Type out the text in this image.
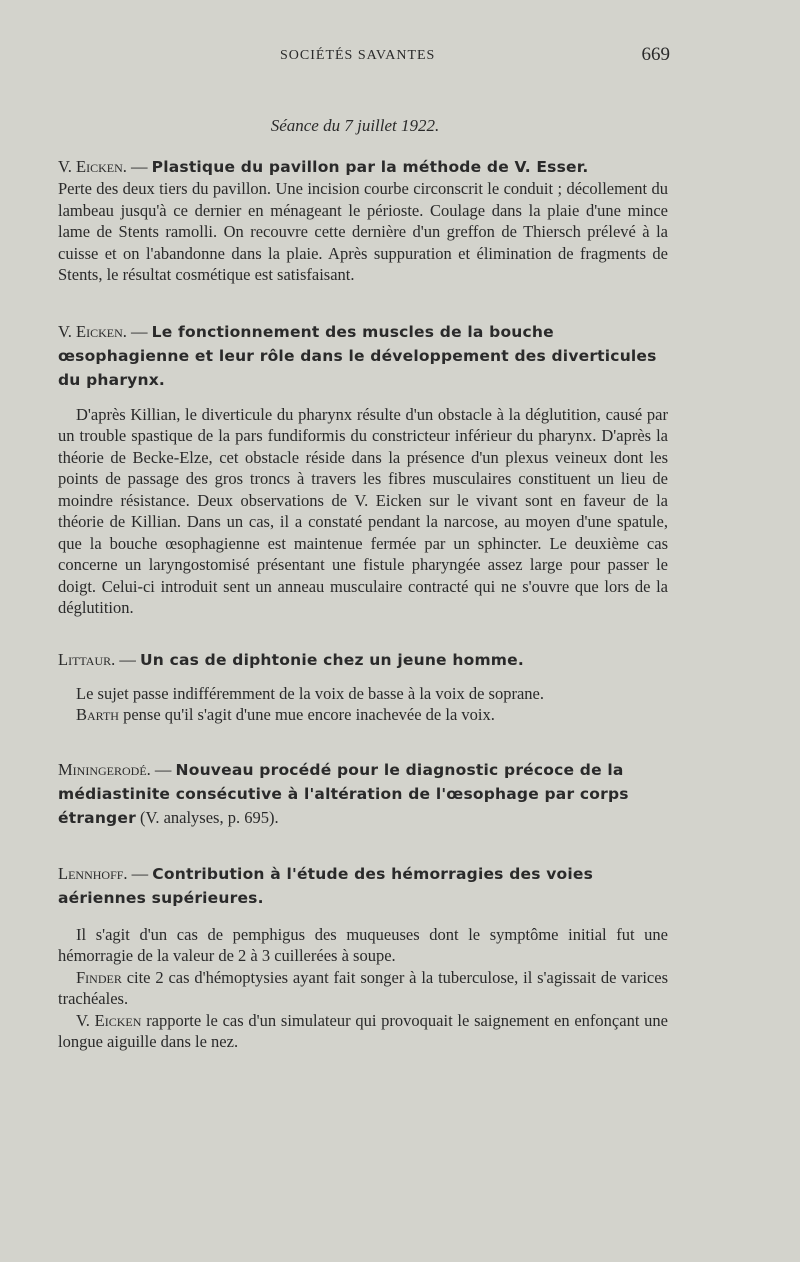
SOCIÉTÉS SAVANTES	669
Séance du 7 juillet 1922.
V. Eicken. — Plastique du pavillon par la méthode de V. Esser.

Perte des deux tiers du pavillon. Une incision courbe circonscrit le conduit ; décollement du lambeau jusqu'à ce dernier en ménageant le périoste. Coulage dans la plaie d'une mince lame de Stents ramolli. On recouvre cette dernière d'un greffon de Thiersch prélevé à la cuisse et on l'abandonne dans la plaie. Après suppuration et élimination de fragments de Stents, le résultat cosmétique est satisfaisant.

V. Eicken. — Le fonctionnement des muscles de la bouche œsophagienne et leur rôle dans le développement des diverticules du pharynx.

D'après Killian, le diverticule du pharynx résulte d'un obstacle à la déglutition, causé par un trouble spastique de la pars fundiformis du constricteur inférieur du pharynx. D'après la théorie de Becke-Elze, cet obstacle réside dans la présence d'un plexus veineux dont les points de passage des gros troncs à travers les fibres musculaires constituent un lieu de moindre résistance. Deux observations de V. Eicken sur le vivant sont en faveur de la théorie de Killian. Dans un cas, il a constaté pendant la narcose, au moyen d'une spatule, que la bouche œsophagienne est maintenue fermée par un sphincter. Le deuxième cas concerne un laryngostomisé présentant une fistule pharyngée assez large pour passer le doigt. Celui-ci introduit sent un anneau musculaire contracté qui ne s'ouvre que lors de la déglutition.

Littaur. — Un cas de diphtonie chez un jeune homme.

Le sujet passe indifféremment de la voix de basse à la voix de soprane.

Barth pense qu'il s'agit d'une mue encore inachevée de la voix.

Miningerodé. — Nouveau procédé pour le diagnostic précoce de la médiastinite consécutive à l'altération de l'œsophage par corps étranger (V. analyses, p. 695).
Lennhoff. — Contribution à l'étude des hémorragies des voies aériennes supérieures.

Il s'agit d'un cas de pemphigus des muqueuses dont le symptôme initial fut une hémorragie de la valeur de 2 à 3 cuillerées à soupe.

Finder cite 2 cas d'hémoptysies ayant fait songer à la tuberculose, il s'agissait de varices trachéales.

V. Eicken rapporte le cas d'un simulateur qui provoquait le saignement en enfonçant une longue aiguille dans le nez.
